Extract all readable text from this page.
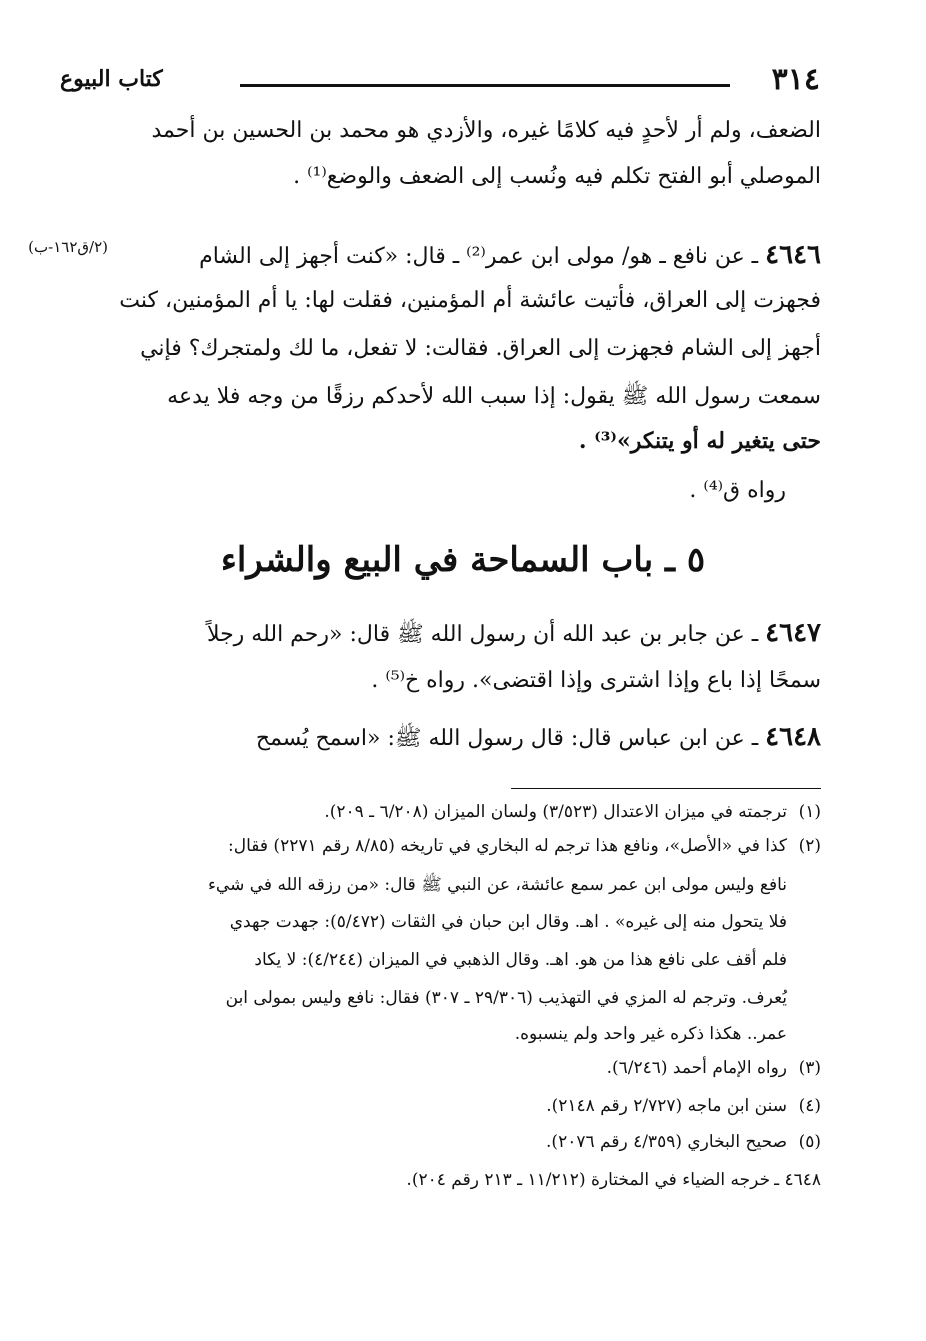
٣١٤
كتاب البيوع
الضعف، ولم أر لأحدٍ فيه كلامًا غيره، والأزدي هو محمد بن الحسين بن أحمد
الموصلي أبو الفتح تكلم فيه ونُسب إلى الضعف والوضع⁽¹⁾ .
(٢/ق١٦٢-ب)	٤٦٤٦ ـ عن نافع ـ هو/ مولى ابن عمر⁽²⁾ ـ قال: «كنت أجهز إلى الشام
فجهزت إلى العراق، فأتيت عائشة أم المؤمنين، فقلت لها: يا أم المؤمنين، كنت
أجهز إلى الشام فجهزت إلى العراق. فقالت: لا تفعل، ما لك ولمتجرك؟ فإني
سمعت رسول الله ﷺ يقول: إذا سبب الله لأحدكم رزقًا من وجه فلا يدعه
حتى يتغير له أو يتنكر»⁽³⁾ .
رواه ق⁽⁴⁾ .
٥ ـ باب السماحة في البيع والشراء
٤٦٤٧ ـ عن جابر بن عبد الله أن رسول الله ﷺ قال: «رحم الله رجلاً
سمحًا إذا باع وإذا اشترى وإذا اقتضى». رواه خ⁽⁵⁾ .
٤٦٤٨ ـ عن ابن عباس قال: قال رسول الله ﷺ: «اسمح يُسمح
(١)ترجمته في ميزان الاعتدال (٣/٥٢٣) ولسان الميزان (٦/٢٠٨ ـ ٢٠٩).
(٢)كذا في «الأصل»، ونافع هذا ترجم له البخاري في تاريخه (٨/٨٥ رقم ٢٢٧١) فقال:
نافع وليس مولى ابن عمر سمع عائشة، عن النبي ﷺ قال: «من رزقه الله في شيء
فلا يتحول منه إلى غيره» . اهـ. وقال ابن حبان في الثقات (٥/٤٧٢): جهدت جهدي
فلم أقف على نافع هذا من هو. اهـ. وقال الذهبي في الميزان (٤/٢٤٤): لا يكاد
يُعرف. وترجم له المزي في التهذيب (٢٩/٣٠٦ ـ ٣٠٧) فقال: نافع وليس بمولى ابن
عمر.. هكذا ذكره غير واحد ولم ينسبوه.
(٣)رواه الإمام أحمد (٦/٢٤٦).
(٤)سنن ابن ماجه (٢/٧٢٧ رقم ٢١٤٨).
(٥)صحيح البخاري (٤/٣٥٩ رقم ٢٠٧٦).
٤٦٤٨ ـخرجه الضياء في المختارة (١١/٢١٢ ـ ٢١٣ رقم ٢٠٤).
